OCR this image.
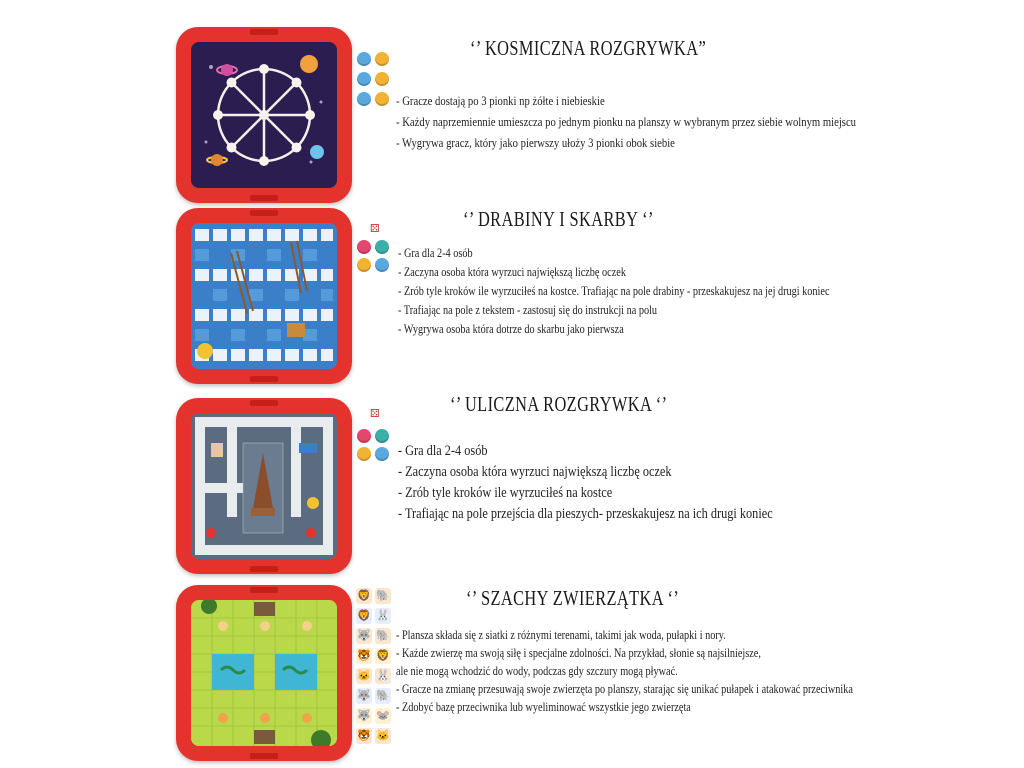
‘’ KOSMICZNA ROZGRYWKA”
- Gracze dostają po 3 pionki np żółte i niebieskie
- Każdy naprzemiennie umieszcza po jednym pionku na planszy w wybranym przez siebie wolnym miejscu
- Wygrywa gracz, który jako pierwszy ułoży 3 pionki obok siebie
⚄	‘’ DRABINY I SKARBY ‘’
- Gra dla 2-4 osób
- Zaczyna osoba która wyrzuci największą liczbę oczek
- Zrób tyle kroków ile wyrzuciłeś na kostce. Trafiając na pole drabiny - przeskakujesz na jej drugi koniec
- Trafiając na pole z tekstem - zastosuj się do instrukcji na polu
- Wygrywa osoba która dotrze do skarbu jako pierwsza
⚄	‘’ ULICZNA ROZGRYWKA ‘’
- Gra dla 2-4 osób
- Zaczyna osoba która wyrzuci największą liczbę oczek
- Zrób tyle kroków ile wyrzuciłeś na kostce
- Trafiając na pole przejścia dla pieszych- przeskakujesz na ich drugi koniec
🦁 🐘
🦁 🐰
🐺 🐘
🐯 🦁
🐱 🐰
🐺 🐘
🐺 🐭
🐯 🐱
‘’ SZACHY ZWIERZĄTKA ‘’
- Plansza składa się z siatki z różnymi terenami, takimi jak woda, pułapki i nory.
- Każde zwierzę ma swoją siłę i specjalne zdolności. Na przykład, słonie są najsilniejsze,
ale nie mogą wchodzić do wody, podczas gdy szczury mogą pływać.
- Gracze na zmianę przesuwają swoje zwierzęta po planszy, starając się unikać pułapek i atakować przeciwnika
- Zdobyć bazę przeciwnika lub wyeliminować wszystkie jego zwierzęta
